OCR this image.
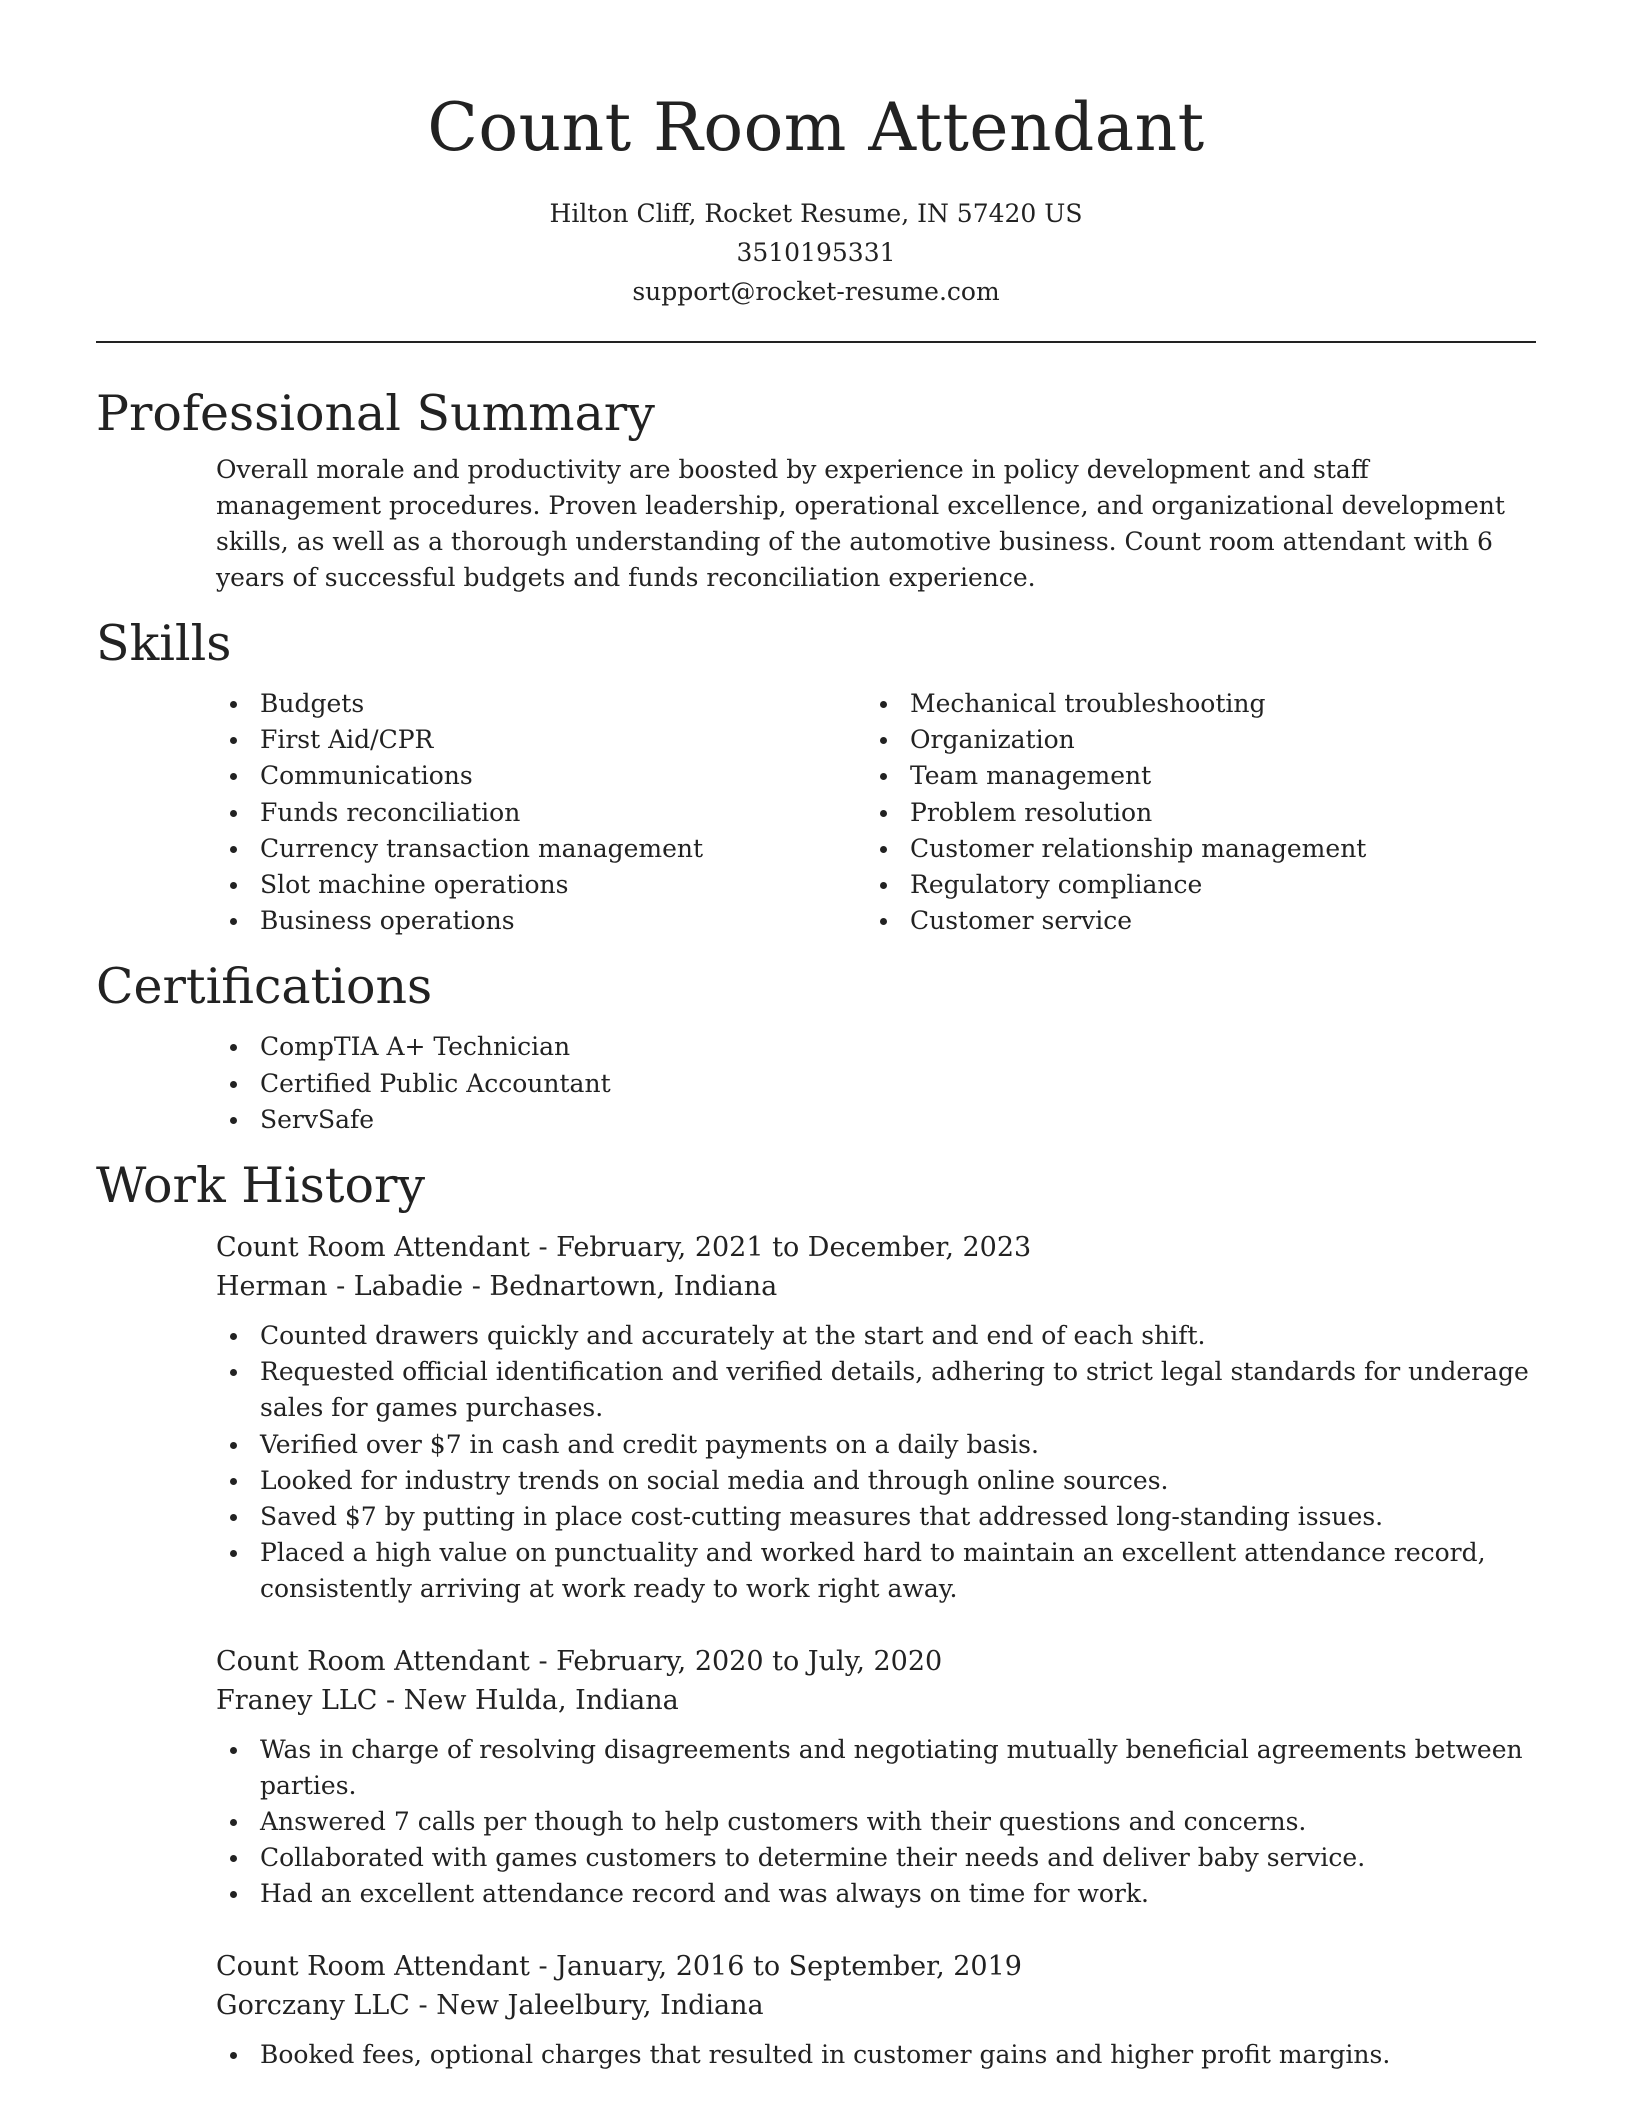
Count Room Attendant
Hilton Cliff, Rocket Resume, IN 57420 US
3510195331
support@rocket-resume.com
Professional Summary

Overall morale and productivity are boosted by experience in policy development and staff management procedures. Proven leadership, operational excellence, and organizational development skills, as well as a thorough understanding of the automotive business. Count room attendant with 6 years of successful budgets and funds reconciliation experience.

Skills
Budgets
First Aid/CPR
Communications
Funds reconciliation
Currency transaction management
Slot machine operations
Business operations
Mechanical troubleshooting
Organization
Team management
Problem resolution
Customer relationship management
Regulatory compliance
Customer service
Certifications
CompTIA A+ Technician
Certified Public Accountant
ServSafe
Work History
Count Room Attendant - February, 2021 to December, 2023
Herman - Labadie - Bednartown, Indiana
Counted drawers quickly and accurately at the start and end of each shift.
Requested official identification and verified details, adhering to strict legal standards for underage sales for games purchases.
Verified over $7 in cash and credit payments on a daily basis.
Looked for industry trends on social media and through online sources.
Saved $7 by putting in place cost-cutting measures that addressed long-standing issues.
Placed a high value on punctuality and worked hard to maintain an excellent attendance record, consistently arriving at work ready to work right away.
Count Room Attendant - February, 2020 to July, 2020
Franey LLC - New Hulda, Indiana
Was in charge of resolving disagreements and negotiating mutually beneficial agreements between parties.
Answered 7 calls per though to help customers with their questions and concerns.
Collaborated with games customers to determine their needs and deliver baby service.
Had an excellent attendance record and was always on time for work.
Count Room Attendant - January, 2016 to September, 2019
Gorczany LLC - New Jaleelbury, Indiana
Booked fees, optional charges that resulted in customer gains and higher profit margins.
